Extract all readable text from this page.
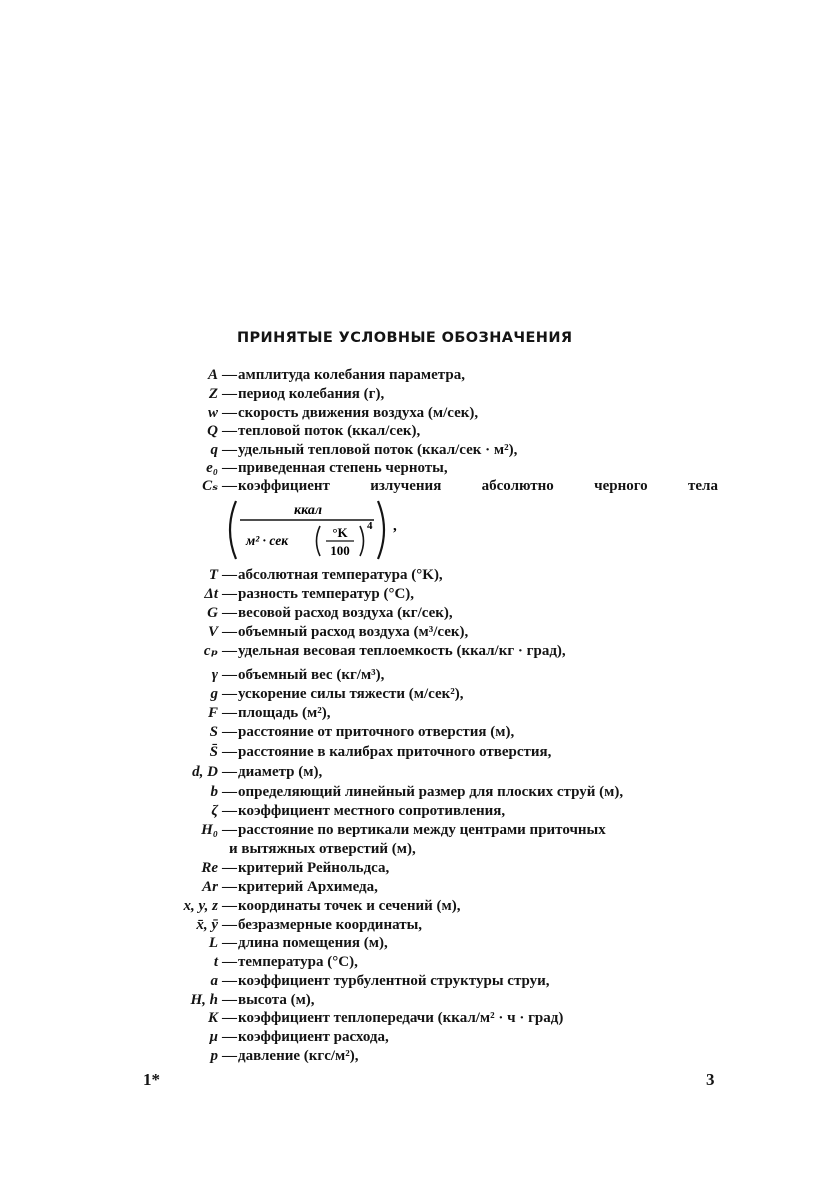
ПРИНЯТЫЕ УСЛОВНЫЕ ОБОЗНАЧЕНИЯ
A — амплитуда колебания параметра,
Z — период колебания (г),
w — скорость движения воздуха (м/сек),
Q — тепловой поток (ккал/сек),
q — удельный тепловой поток (ккал/сек · м²),
e₀ — приведенная степень черноты,
Cₛ — коэффициент	излучения	абсолютно	черного	тела
T — абсолютная температура (°K),
Δt — разность температур (°C),
G — весовой расход воздуха (кг/сек),
V — объемный расход воздуха (м³/сек),
cₚ — удельная весовая теплоемкость (ккал/кг · град),
γ — объемный вес (кг/м³),
g — ускорение силы тяжести (м/сек²),
F — площадь (м²),
S — расстояние от приточного отверстия (м),
S̄ — расстояние в калибрах приточного отверстия,
d, D — диаметр (м),
b — определяющий линейный размер для плоских струй (м),
ζ — коэффициент местного сопротивления,
H₀ — расстояние по вертикали между центрами приточных
и вытяжных отверстий (м),
Re — критерий Рейнольдса,
Ar — критерий Архимеда,
x, y, z — координаты точек и сечений (м),
x̄, ȳ — безразмерные координаты,
L — длина помещения (м),
t — температура (°C),
a — коэффициент турбулентной структуры струи,
H, h — высота (м),
K — коэффициент теплопередачи (ккал/м² · ч · град)
μ — коэффициент расхода,
p — давление (кгс/м²),
ккал
м² · сек
°K
100
4 ,
1*	3
